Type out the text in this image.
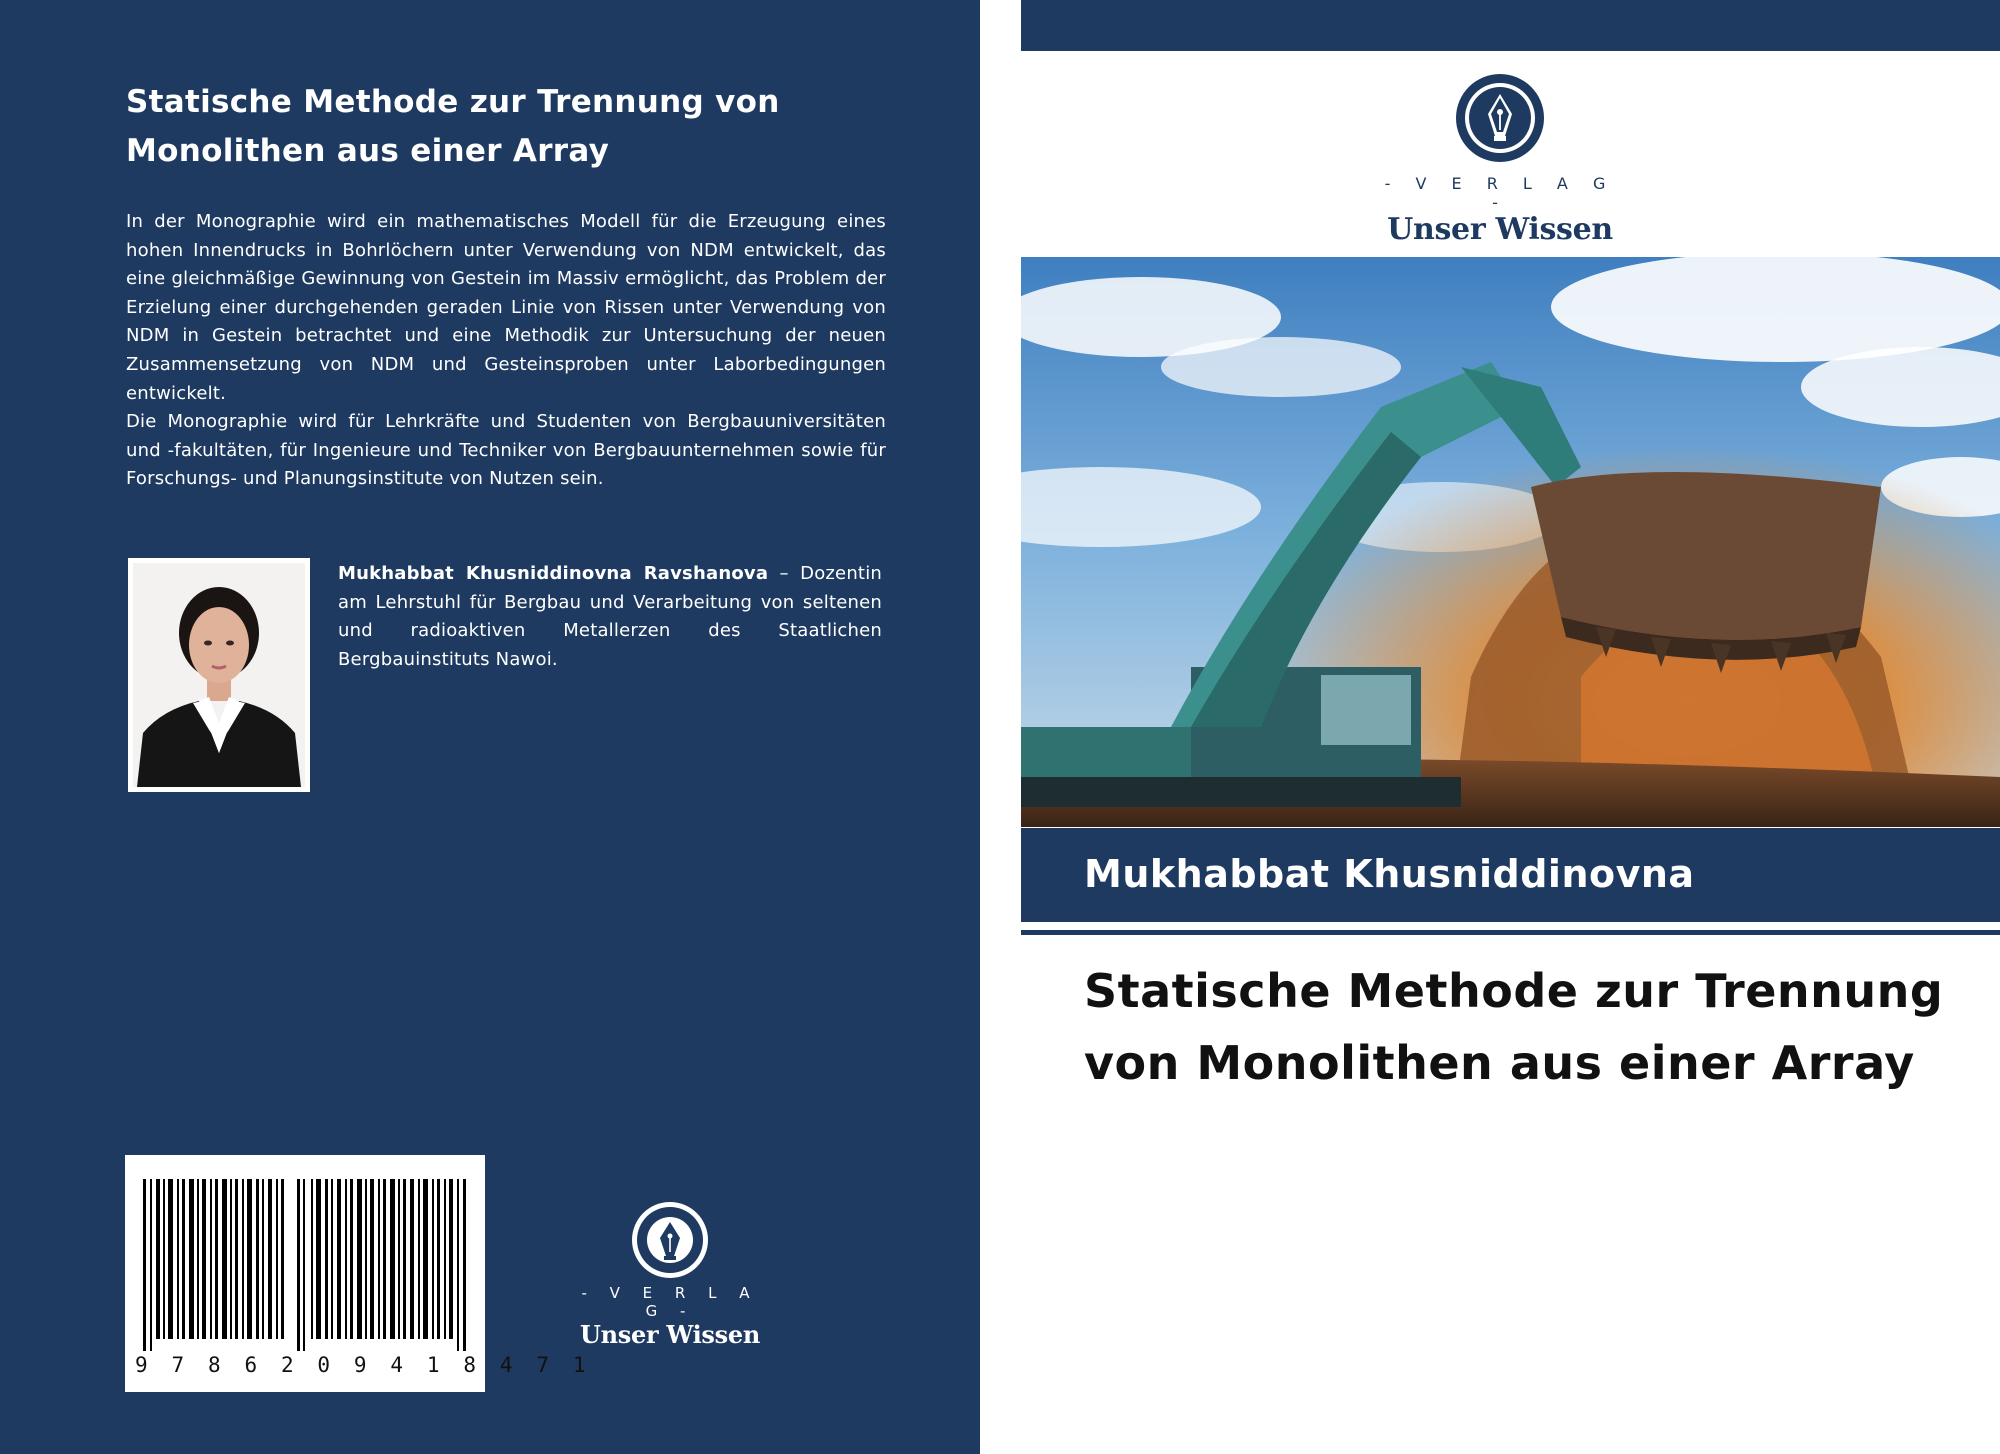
Statische Methode zur Trennung von Monolithen aus einer Array

In der Monographie wird ein mathematisches Modell für die Erzeugung eines hohen Innendrucks in Bohrlöchern unter Verwendung von NDM entwickelt, das eine gleichmäßige Gewinnung von Gestein im Massiv ermöglicht, das Problem der Erzielung einer durchgehenden geraden Linie von Rissen unter Verwendung von NDM in Gestein betrachtet und eine Methodik zur Untersuchung der neuen Zusammensetzung von NDM und Gesteinsproben unter Laborbedingungen entwickelt.

Die Monographie wird für Lehrkräfte und Studenten von Bergbauuniversitäten und -fakultäten, für Ingenieure und Techniker von Bergbauunternehmen sowie für Forschungs- und Planungsinstitute von Nutzen sein.

Mukhabbat Khusniddinovna Ravshanova – Dozentin am Lehrstuhl für Bergbau und Verarbeitung von seltenen und radioaktiven Metallerzen des Staatlichen Bergbauinstituts Nawoi.
9 7 8 6 2 0 9 4 1 8 4 7 1
- V E R L A G -
Unser Wissen
- V E R L A G -
Unser Wissen
Mukhabbat Khusniddinovna
Statische Methode zur Trennung von Monolithen aus einer Array
